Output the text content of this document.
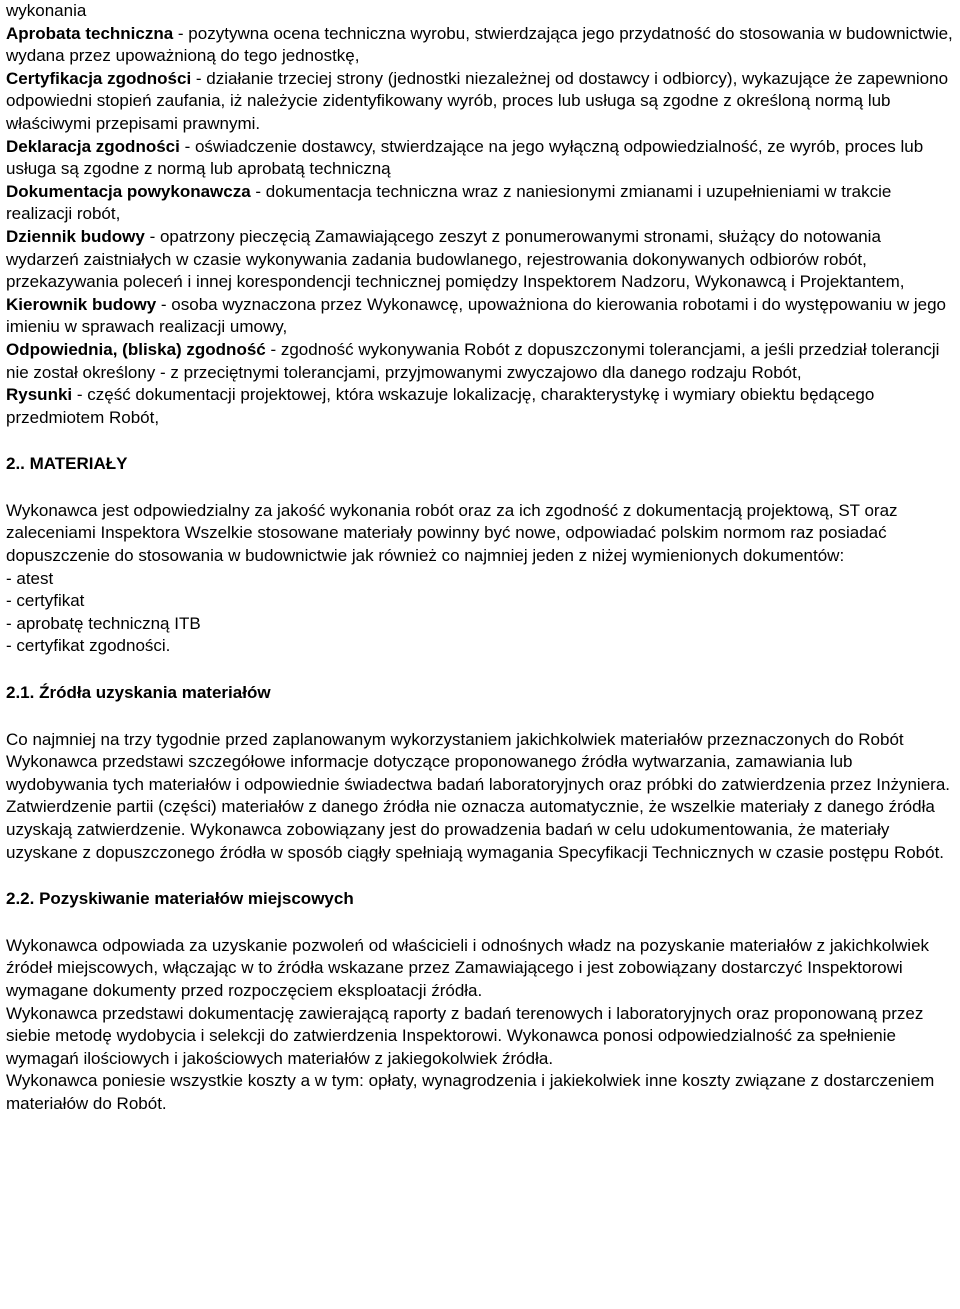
wykonania

Aprobata techniczna - pozytywna ocena techniczna wyrobu, stwierdzająca jego przydatność do stosowania w budownictwie, wydana przez upoważnioną do tego jednostkę,

Certyfikacja zgodności - działanie trzeciej strony (jednostki niezależnej od dostawcy i odbiorcy), wykazujące że zapewniono odpowiedni stopień zaufania, iż należycie zidentyfikowany wyrób, proces lub usługa są zgodne z określoną normą lub właściwymi przepisami prawnymi.

Deklaracja zgodności - oświadczenie dostawcy, stwierdzające na jego wyłączną odpowiedzialność, ze wyrób, proces lub usługa są zgodne z normą lub aprobatą techniczną

Dokumentacja powykonawcza - dokumentacja techniczna wraz z naniesionymi zmianami i uzupełnieniami w trakcie realizacji robót,

Dziennik budowy - opatrzony pieczęcią Zamawiającego zeszyt z ponumerowanymi stronami, służący do notowania wydarzeń zaistniałych w czasie wykonywania zadania budowlanego, rejestrowania dokonywanych odbiorów robót, przekazywania poleceń i innej korespondencji technicznej pomiędzy Inspektorem Nadzoru, Wykonawcą i Projektantem,

Kierownik budowy - osoba wyznaczona przez Wykonawcę, upoważniona do kierowania robotami i do występowaniu w jego imieniu w sprawach realizacji umowy,

Odpowiednia, (bliska) zgodność - zgodność wykonywania Robót z dopuszczonymi tolerancjami, a jeśli przedział tolerancji nie został określony - z przeciętnymi tolerancjami, przyjmowanymi zwyczajowo dla danego rodzaju Robót,

Rysunki - część dokumentacji projektowej, która wskazuje lokalizację, charakterystykę i wymiary obiektu będącego przedmiotem Robót,

2.. MATERIAŁY

Wykonawca jest odpowiedzialny za jakość wykonania robót oraz za ich zgodność z dokumentacją projektową, ST oraz zaleceniami Inspektora Wszelkie stosowane materiały powinny być nowe, odpowiadać polskim normom raz posiadać dopuszczenie do stosowania w budownictwie jak również co najmniej jeden z niżej wymienionych dokumentów:

- atest
- certyfikat
- aprobatę techniczną ITB
- certyfikat zgodności.
2.1. Źródła uzyskania materiałów

Co najmniej na trzy tygodnie przed zaplanowanym wykorzystaniem jakichkolwiek materiałów przeznaczonych do Robót Wykonawca przedstawi szczegółowe informacje dotyczące proponowanego źródła wytwarzania, zamawiania lub wydobywania tych materiałów i odpowiednie świadectwa badań laboratoryjnych oraz próbki do zatwierdzenia przez Inżyniera. Zatwierdzenie partii (części) materiałów z danego źródła nie oznacza automatycznie, że wszelkie materiały z danego źródła uzyskają zatwierdzenie. Wykonawca zobowiązany jest do prowadzenia badań w celu udokumentowania, że materiały uzyskane z dopuszczonego źródła w sposób ciągły spełniają wymagania Specyfikacji Technicznych w czasie postępu Robót.

2.2. Pozyskiwanie materiałów miejscowych

Wykonawca odpowiada za uzyskanie pozwoleń od właścicieli i odnośnych władz na pozyskanie materiałów z jakichkolwiek źródeł miejscowych, włączając w to źródła wskazane przez Zamawiającego i jest zobowiązany dostarczyć Inspektorowi wymagane dokumenty przed rozpoczęciem eksploatacji źródła.

Wykonawca przedstawi dokumentację zawierającą raporty z badań terenowych i laboratoryjnych oraz proponowaną przez siebie metodę wydobycia i selekcji do zatwierdzenia Inspektorowi. Wykonawca ponosi odpowiedzialność za spełnienie wymagań ilościowych i jakościowych materiałów z jakiegokolwiek źródła.

Wykonawca poniesie wszystkie koszty a w tym: opłaty, wynagrodzenia i jakiekolwiek inne koszty związane z dostarczeniem materiałów do Robót.
